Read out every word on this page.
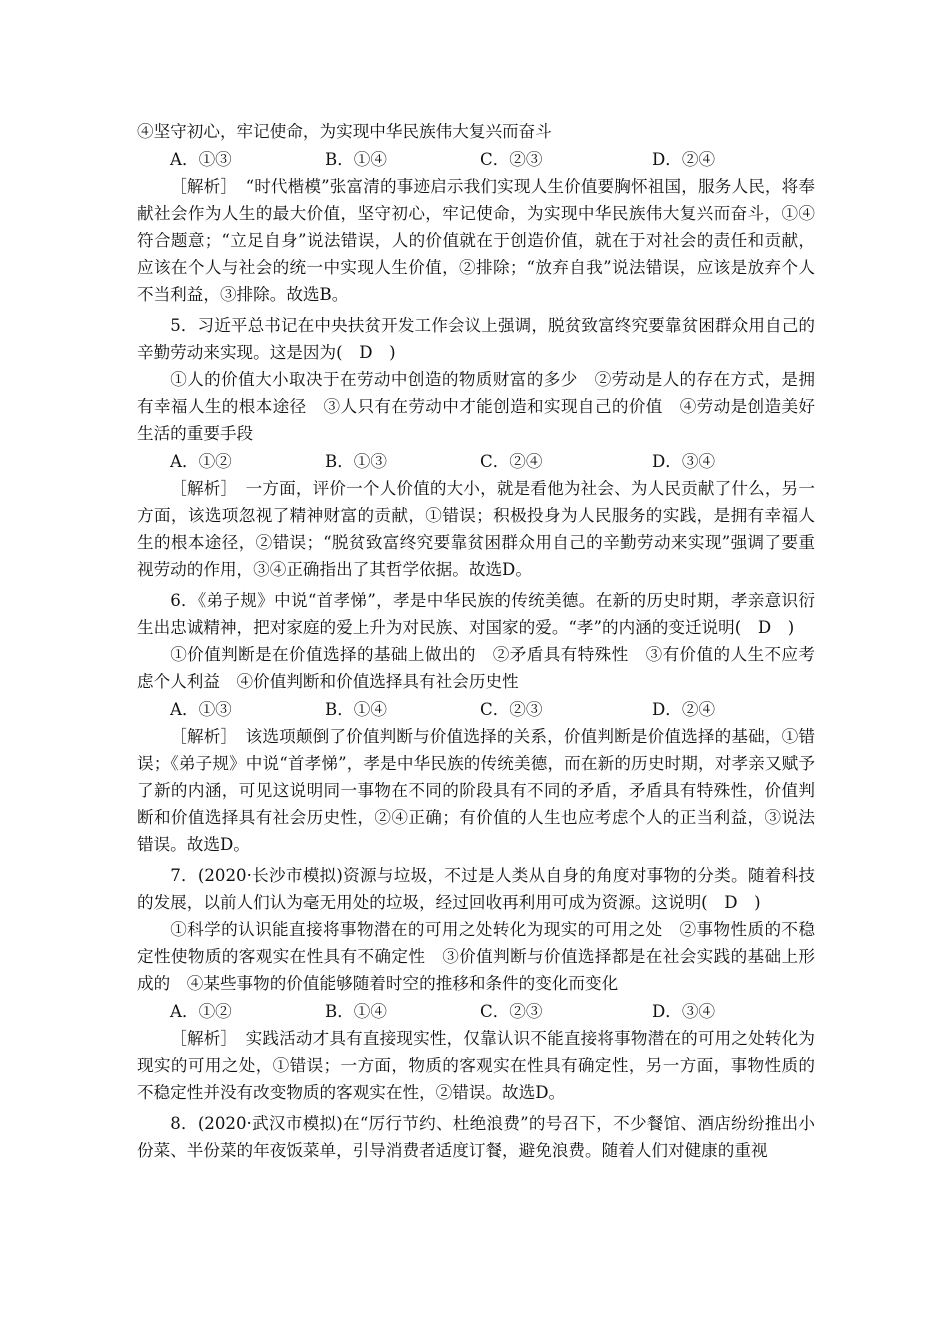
④坚守初心，牢记使命，为实现中华民族伟大复兴而奋斗

A．①③	B．①④	C．②③	D．②④

［解析］　“时代楷模”张富清的事迹启示我们实现人生价值要胸怀祖国，服务人民，将奉献社会作为人生的最大价值，坚守初心，牢记使命，为实现中华民族伟大复兴而奋斗，①④符合题意；“立足自身”说法错误，人的价值就在于创造价值，就在于对社会的责任和贡献，应该在个人与社会的统一中实现人生价值，②排除；“放弃自我”说法错误，应该是放弃个人不当利益，③排除。故选B。

5．习近平总书记在中央扶贫开发工作会议上强调，脱贫致富终究要靠贫困群众用自己的辛勤劳动来实现。这是因为(　D　)

①人的价值大小取决于在劳动中创造的物质财富的多少　②劳动是人的存在方式，是拥有幸福人生的根本途径　③人只有在劳动中才能创造和实现自己的价值　④劳动是创造美好生活的重要手段

A．①②	B．①③	C．②④	D．③④

［解析］　一方面，评价一个人价值的大小，就是看他为社会、为人民贡献了什么，另一方面，该选项忽视了精神财富的贡献，①错误；积极投身为人民服务的实践，是拥有幸福人生的根本途径，②错误；“脱贫致富终究要靠贫困群众用自己的辛勤劳动来实现”强调了要重视劳动的作用，③④正确指出了其哲学依据。故选D。

6．《弟子规》中说“首孝悌”，孝是中华民族的传统美德。在新的历史时期，孝亲意识衍生出忠诚精神，把对家庭的爱上升为对民族、对国家的爱。“孝”的内涵的变迁说明(　D　)

①价值判断是在价值选择的基础上做出的　②矛盾具有特殊性　③有价值的人生不应考虑个人利益　④价值判断和价值选择具有社会历史性

A．①③	B．①④	C．②③	D．②④

［解析］　该选项颠倒了价值判断与价值选择的关系，价值判断是价值选择的基础，①错误；《弟子规》中说“首孝悌”，孝是中华民族的传统美德，而在新的历史时期，对孝亲又赋予了新的内涵，可见这说明同一事物在不同的阶段具有不同的矛盾，矛盾具有特殊性，价值判断和价值选择具有社会历史性，②④正确；有价值的人生也应考虑个人的正当利益，③说法错误。故选D。

7．(2020·长沙市模拟)资源与垃圾，不过是人类从自身的角度对事物的分类。随着科技的发展，以前人们认为毫无用处的垃圾，经过回收再利用可成为资源。这说明(　D　)

①科学的认识能直接将事物潜在的可用之处转化为现实的可用之处　②事物性质的不稳定性使物质的客观实在性具有不确定性　③价值判断与价值选择都是在社会实践的基础上形成的　④某些事物的价值能够随着时空的推移和条件的变化而变化

A．①②	B．①④	C．②③	D．③④

［解析］　实践活动才具有直接现实性，仅靠认识不能直接将事物潜在的可用之处转化为现实的可用之处，①错误；一方面，物质的客观实在性具有确定性，另一方面，事物性质的不稳定性并没有改变物质的客观实在性，②错误。故选D。

8．(2020·武汉市模拟)在“厉行节约、杜绝浪费”的号召下，不少餐馆、酒店纷纷推出小份菜、半份菜的年夜饭菜单，引导消费者适度订餐，避免浪费。随着人们对健康的重视
